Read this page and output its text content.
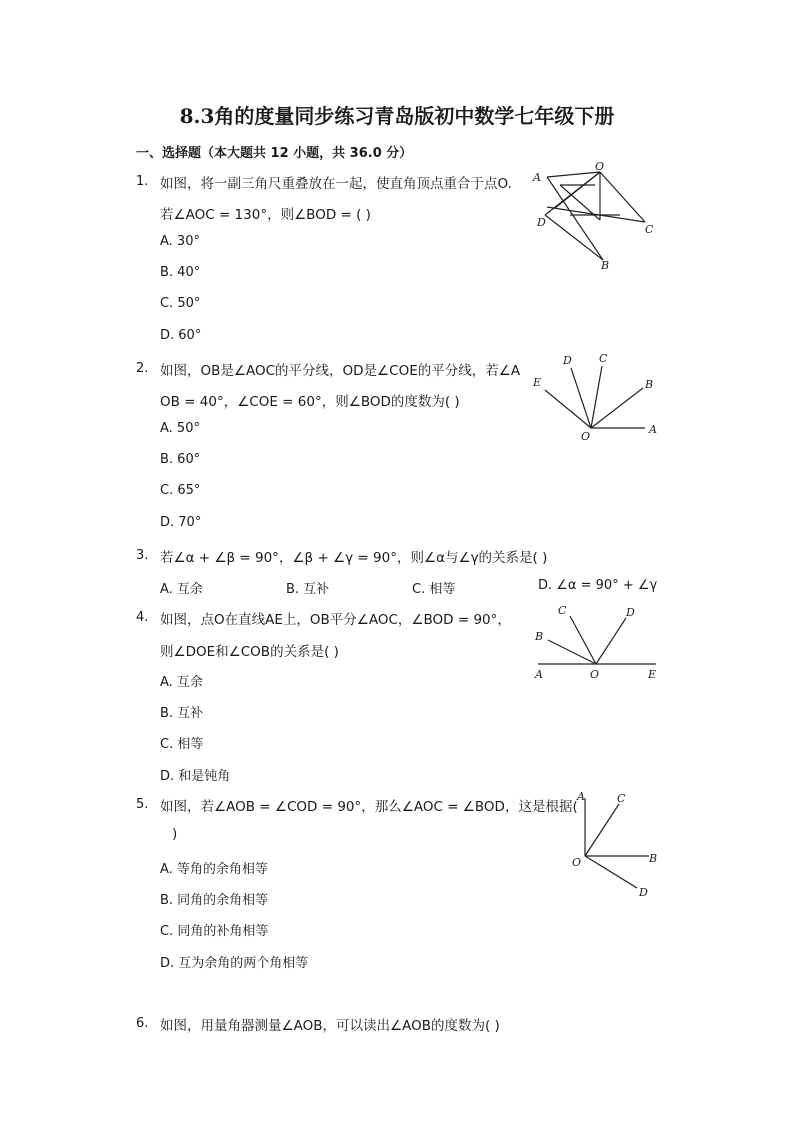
8.3角的度量同步练习青岛版初中数学七年级下册
一、选择题（本大题共 12 小题，共 36.0 分）
1. 如图，将一副三角尺重叠放在一起，使直角顶点重合于点O.
若∠AOC = 130°，则∠BOD = ( )
A. 30°
B. 40°
C. 50°
D. 60°
O
A
D
C
B
2. 如图，OB是∠AOC的平分线，OD是∠COE的平分线，若∠A
OB = 40°，∠COE = 60°，则∠BOD的度数为( )
A. 50°
B. 60°
C. 65°
D. 70°
D C
E	B
O
A
3. 若∠α + ∠β = 90°，∠β + ∠γ = 90°，则∠α与∠γ的关系是( )
A. 互余	B. 互补	C. 相等	D. ∠α = 90° + ∠γ
4. 如图，点O在直线AE上，OB平分∠AOC，∠BOD = 90°，
则∠DOE和∠COB的关系是( )
A. 互余
B. 互补
C. 相等
D. 和是钝角
C	D
B
A	O	E
5. 如图，若∠AOB = ∠COD = 90°，那么∠AOC = ∠BOD，这是根据(
)
A. 等角的余角相等
B. 同角的余角相等
C. 同角的补角相等
D. 互为余角的两个角相等
A	C
O	B
D
6. 如图，用量角器测量∠AOB，可以读出∠AOB的度数为( )
